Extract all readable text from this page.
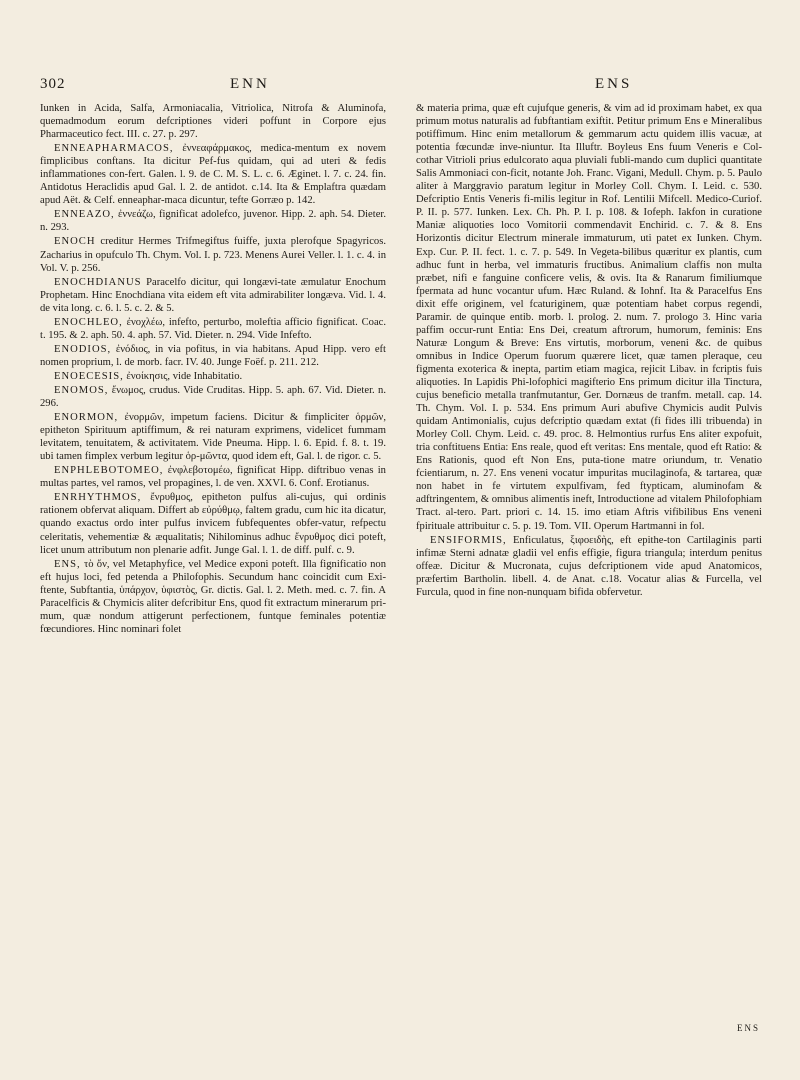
302	ENN	ENS

Iunken in Acida, Salfa, Armoniacalia, Vitriolica, Nitrofa & Aluminofa, quemadmodum eorum defcriptiones videri poffunt in Corpore ejus Pharmaceutico fect. III. c. 27. p. 297.

ENNEAPHARMACOS, ἐννεαφάρμακος, medica-mentum ex novem fimplicibus conftans. Ita dicitur Pef-fus quidam, qui ad uteri & fedis inflammationes con-fert. Galen. l. 9. de C. M. S. L. c. 6. Æginet. l. 7. c. 24. fin. Antidotus Heraclidis apud Gal. l. 2. de antidot. c.14. Ita & Emplaftra quædam apud Aët. & Celf. enneaphar-maca dicuntur, tefte Gorræo p. 142.

ENNEAZO, ἐννεάζω, fignificat adolefco, juvenor. Hipp. 2. aph. 54. Dieter. n. 293.

ENOCH creditur Hermes Trifmegiftus fuiffe, juxta plerofque Spagyricos. Zacharius in opufculo Th. Chym. Vol. I. p. 723. Menens Aurei Veller. l. 1. c. 4. in Vol. V. p. 256.

ENOCHDIANUS Paracelfo dicitur, qui longævi-tate æmulatur Enochum Prophetam. Hinc Enochdiana vita eidem eft vita admirabiliter longæva. Vid. l. 4. de vita long. c. 6. l. 5. c. 2. & 5.

ENOCHLEO, ἐνοχλέω, infefto, perturbo, moleftia afficio fignificat. Coac. t. 195. & 2. aph. 50. 4. aph. 57. Vid. Dieter. n. 294. Vide Infefto.

ENODIOS, ἐνόδιος, in via pofitus, in via habitans. Apud Hipp. vero eft nomen proprium, l. de morb. facr. IV. 40. Junge Foëf. p. 211. 212.

ENOECESIS, ἐνοίκησις, vide Inhabitatio.

ENOMOS, ἔνωμος, crudus. Vide Cruditas. Hipp. 5. aph. 67. Vid. Dieter. n. 296.

ENORMON, ἐνορμῶν, impetum faciens. Dicitur & fimpliciter ὁρμῶν, epitheton Spirituum aptiffimum, & rei naturam exprimens, videlicet fummam levitatem, tenuitatem, & activitatem. Vide Pneuma. Hipp. l. 6. Epid. f. 8. t. 19. ubi tamen fimplex verbum legitur ὁρ-μῶντα, quod idem eft, Gal. l. de rigor. c. 5.

ENPHLEBOTOMEO, ἐνφλεβοτομέω, fignificat Hipp. diftribuo venas in multas partes, vel ramos, vel propagines, l. de ven. XXVI. 6. Conf. Erotianus.

ENRHYTHMOS, ἔνρυθμος, epitheton pulfus ali-cujus, qui ordinis rationem obfervat aliquam. Differt ab εὐρύθμῳ, faltem gradu, cum hic ita dicatur, quando exactus ordo inter pulfus invicem fubfequentes obfer-vatur, refpectu celeritatis, vehementiæ & æqualitatis; Nihilominus adhuc ἔνρυθμος dici poteft, licet unum attributum non plenarie adfit. Junge Gal. l. 1. de diff. pulf. c. 9.

ENS, τὸ ὄν, vel Metaphyfice, vel Medice exponi poteft. Illa fignificatio non eft hujus loci, fed petenda a Philofophis. Secundum hanc coincidit cum Exi-ftente, Subftantia, ὑπάρχον, ὑφιστὸς, Gr. dictis. Gal. l. 2. Meth. med. c. 7. fin. A Paracelficis & Chymicis aliter defcribitur Ens, quod fit extractum minerarum pri-mum, quæ nondum attigerunt perfectionem, funtque feminales potentiæ fœcundiores. Hinc nominari folet

& materia prima, quæ eft cujufque generis, & vim ad id proximam habet, ex qua primum motus naturalis ad fubftantiam exiftit. Petitur primum Ens e Mineralibus potiffimum. Hinc enim metallorum & gemmarum actu quidem illis vacuæ, at potentia fœcundæ inve-niuntur. Ita Illuftr. Boyleus Ens fuum Veneris e Col-cothar Vitrioli prius edulcorato aqua pluviali fubli-mando cum duplici quantitate Salis Ammoniaci con-ficit, notante Joh. Franc. Vigani, Medull. Chym. p. 5. Paulo aliter à Marggravio paratum legitur in Morley Coll. Chym. I. Leid. c. 530. Defcriptio Entis Veneris fi-milis legitur in Rof. Lentilii Mifcell. Medico-Curiof. P. II. p. 577. Iunken. Lex. Ch. Ph. P. I. p. 108. & Iofeph. Iakfon in curatione Maniæ aliquoties loco Vomitorii commendavit Enchirid. c. 7. & 8. Ens Horizontis dicitur Electrum minerale immaturum, uti patet ex Iunken. Chym. Exp. Cur. P. II. fect. 1. c. 7. p. 549. In Vegeta-bilibus quæritur ex plantis, cum adhuc funt in herba, vel immaturis fructibus. Animalium claffis non multa præbet, nifi e fanguine conficere velis, & ovis. Ita & Ranarum fimiliumque fpermata ad hunc vocantur ufum. Hæc Ruland. & Iohnf. Ita & Paracelfus Ens dixit effe originem, vel fcaturiginem, quæ potentiam habet corpus regendi, Paramir. de quinque entib. morb. l. prolog. 2. num. 7. prologo 3. Hinc varia paffim occur-runt Entia: Ens Dei, creatum aftrorum, humorum, feminis: Ens Naturæ Longum & Breve: Ens virtutis, morborum, veneni &c. de quibus omnibus in Indice Operum fuorum quærere licet, quæ tamen pleraque, ceu figmenta exoterica & inepta, partim etiam magica, rejicit Libav. in fcriptis fuis aliquoties. In Lapidis Phi-lofophici magifterio Ens primum dicitur illa Tinctura, cujus beneficio metalla tranfmutantur, Ger. Dornæus de tranfm. metall. cap. 14. Th. Chym. Vol. I. p. 534. Ens primum Auri abufive Chymicis audit Pulvis quidam Antimonialis, cujus defcriptio quædam extat (fi fides illi tribuenda) in Morley Coll. Chym. Leid. c. 49. proc. 8. Helmontius rurfus Ens aliter expofuit, tria conftituens Entia: Ens reale, quod eft veritas: Ens mentale, quod eft Ratio: & Ens Rationis, quod eft Non Ens, puta-tione matre oriundum, tr. Venatio fcientiarum, n. 27. Ens veneni vocatur impuritas mucilaginofa, & tartarea, quæ non habet in fe virtutem expulfivam, fed ftypticam, aluminofam & adftringentem, & omnibus alimentis ineft, Introductione ad vitalem Philofophiam Tract. al-tero. Part. priori c. 14. 15. imo etiam Aftris vifibilibus Ens veneni fpirituale attribuitur c. 5. p. 19. Tom. VII. Operum Hartmanni in fol.

ENSIFORMIS, Enficulatus, ξιφοειδὴς, eft epithe-ton Cartilaginis parti infimæ Sterni adnatæ gladii vel enfis effigie, figura triangula; interdum penitus offeæ. Dicitur & Mucronata, cujus defcriptionem vide apud Anatomicos, præfertim Bartholin. libell. 4. de Anat. c.18. Vocatur alias & Furcella, vel Furcula, quod in fine non-nunquam bifida obfervetur.

ENS
